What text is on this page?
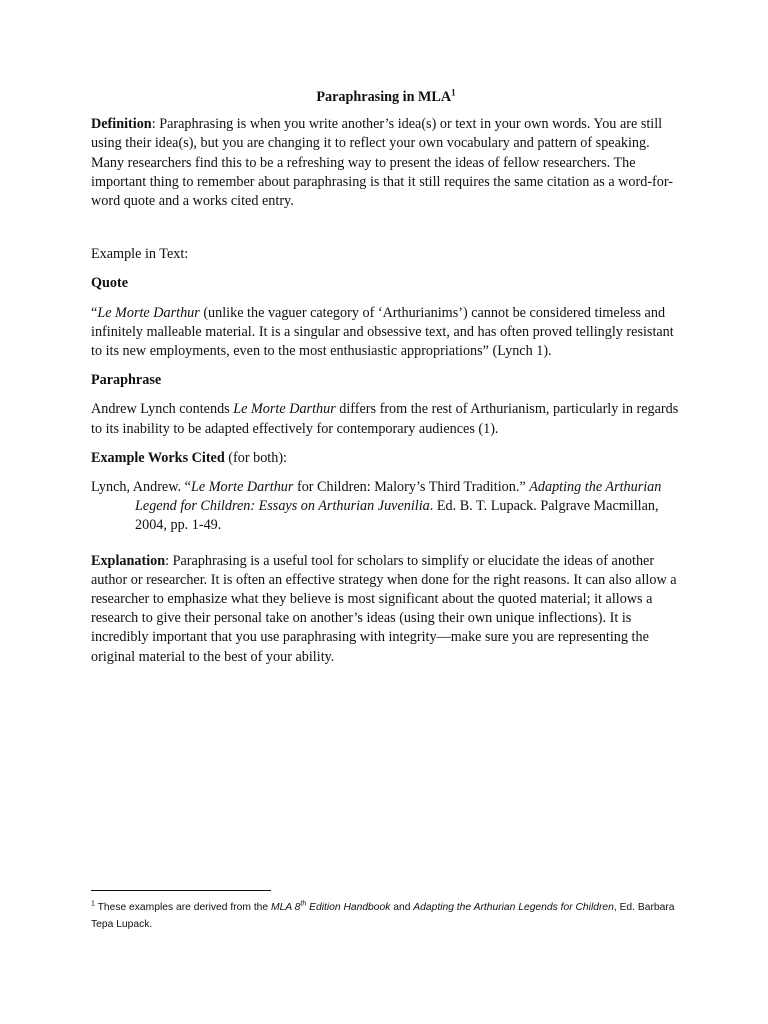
Paraphrasing in MLA$^1$

Definition: Paraphrasing is when you write another’s idea(s) or text in your own words. You are still using their idea(s), but you are changing it to reflect your own vocabulary and pattern of speaking. Many researchers find this to be a refreshing way to present the ideas of fellow researchers. The important thing to remember about paraphrasing is that it still requires the same citation as a word-for-word quote and a works cited entry.

Example in Text:

Quote

“Le Morte Darthur (unlike the vaguer category of ‘Arthurianims’) cannot be considered timeless and infinitely malleable material. It is a singular and obsessive text, and has often proved tellingly resistant to its new employments, even to the most enthusiastic appropriations” (Lynch 1).

Paraphrase

Andrew Lynch contends Le Morte Darthur differs from the rest of Arthurianism, particularly in regards to its inability to be adapted effectively for contemporary audiences (1).

Example Works Cited (for both):

Lynch, Andrew. “Le Morte Darthur for Children: Malory’s Third Tradition.” Adapting the Arthurian Legend for Children: Essays on Arthurian Juvenilia. Ed. B. T. Lupack. Palgrave Macmillan, 2004, pp. 1-49.

Explanation: Paraphrasing is a useful tool for scholars to simplify or elucidate the ideas of another author or researcher. It is often an effective strategy when done for the right reasons. It can also allow a researcher to emphasize what they believe is most significant about the quoted material; it allows a research to give their personal take on another’s ideas (using their own unique inflections). It is incredibly important that you use paraphrasing with integrity—make sure you are representing the original material to the best of your ability.

$^1$ These examples are derived from the MLA 8th Edition Handbook and Adapting the Arthurian Legends for Children, Ed. Barbara Tepa Lupack.
